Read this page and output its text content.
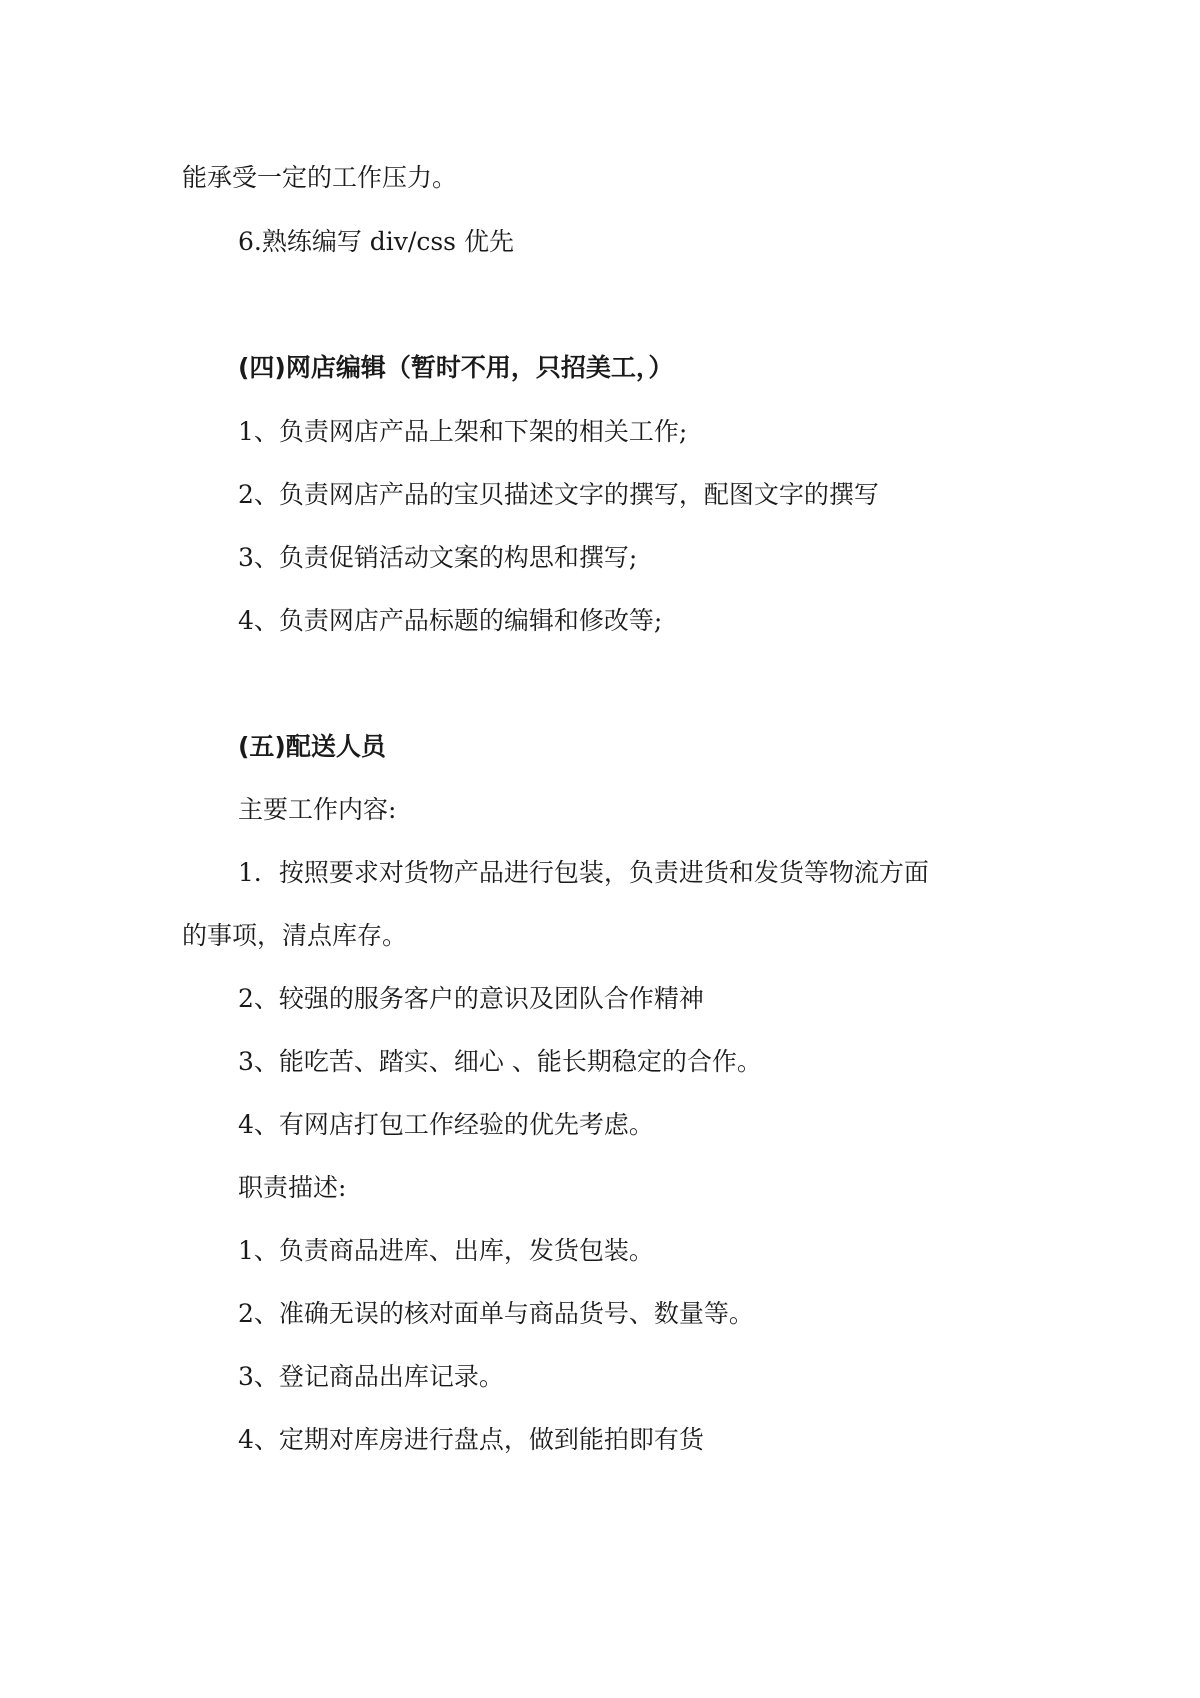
能承受一定的工作压力。
6.熟练编写 div/css 优先
(四)网店编辑（暂时不用，只招美工，）
1、负责网店产品上架和下架的相关工作;
2、负责网店产品的宝贝描述文字的撰写，配图文字的撰写
3、负责促销活动文案的构思和撰写;
4、负责网店产品标题的编辑和修改等;
(五)配送人员
主要工作内容:
1．按照要求对货物产品进行包装，负责进货和发货等物流方面
的事项，清点库存。
2、较强的服务客户的意识及团队合作精神
3、能吃苦、踏实、细心 、能长期稳定的合作。
4、有网店打包工作经验的优先考虑。
职责描述:
1、负责商品进库、出库，发货包装。
2、准确无误的核对面单与商品货号、数量等。
3、登记商品出库记录。
4、定期对库房进行盘点，做到能拍即有货
